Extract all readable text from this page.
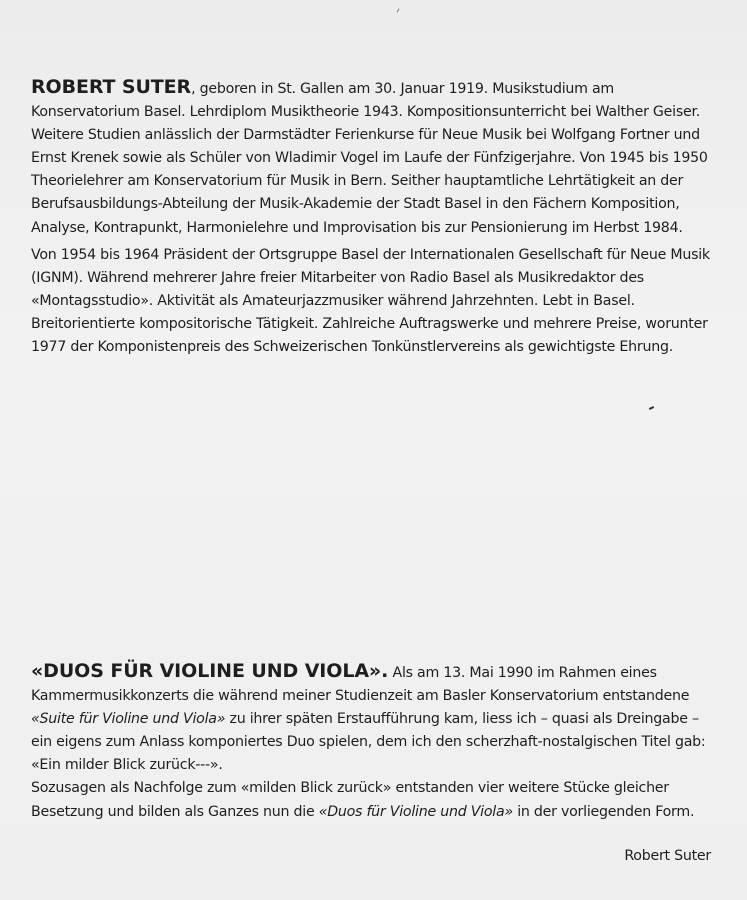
ROBERT SUTER, geboren in St. Gallen am 30. Januar 1919. Musikstudium am Konservatorium Basel. Lehrdiplom Musiktheorie 1943. Kompositionsunterricht bei Walther Geiser.
Weitere Studien anlässlich der Darmstädter Ferienkurse für Neue Musik bei Wolfgang Fortner und Ernst Krenek sowie als Schüler von Wladimir Vogel im Laufe der Fünfzigerjahre. Von 1945 bis 1950 Theorielehrer am Konservatorium für Musik in Bern. Seither hauptamtliche Lehrtätigkeit an der Berufsausbildungs-Abteilung der Musik-Akademie der Stadt Basel in den Fächern Komposition, Analyse, Kontrapunkt, Harmonielehre und Improvisation bis zur Pensionierung im Herbst 1984.

Von 1954 bis 1964 Präsident der Ortsgruppe Basel der Internationalen Gesellschaft für Neue Musik (IGNM). Während mehrerer Jahre freier Mitarbeiter von Radio Basel als Musikredaktor des «Montagsstudio». Aktivität als Amateurjazzmusiker während Jahrzehnten. Lebt in Basel. Breitorientierte kompositorische Tätigkeit. Zahlreiche Auftragswerke und mehrere Preise, worunter 1977 der Komponistenpreis des Schweizerischen Tonkünstlervereins als gewichtigste Ehrung.

«DUOS FÜR VIOLINE UND VIOLA». Als am 13. Mai 1990 im Rahmen eines Kammermusikkonzerts die während meiner Studienzeit am Basler Konservatorium entstandene «Suite für Violine und Viola» zu ihrer späten Erstaufführung kam, liess ich – quasi als Dreingabe – ein eigens zum Anlass komponiertes Duo spielen, dem ich den scherzhaft-nostalgischen Titel gab: «Ein milder Blick zurück---».

Sozusagen als Nachfolge zum «milden Blick zurück» entstanden vier weitere Stücke gleicher Besetzung und bilden als Ganzes nun die «Duos für Violine und Viola» in der vorliegenden Form.

Robert Suter
